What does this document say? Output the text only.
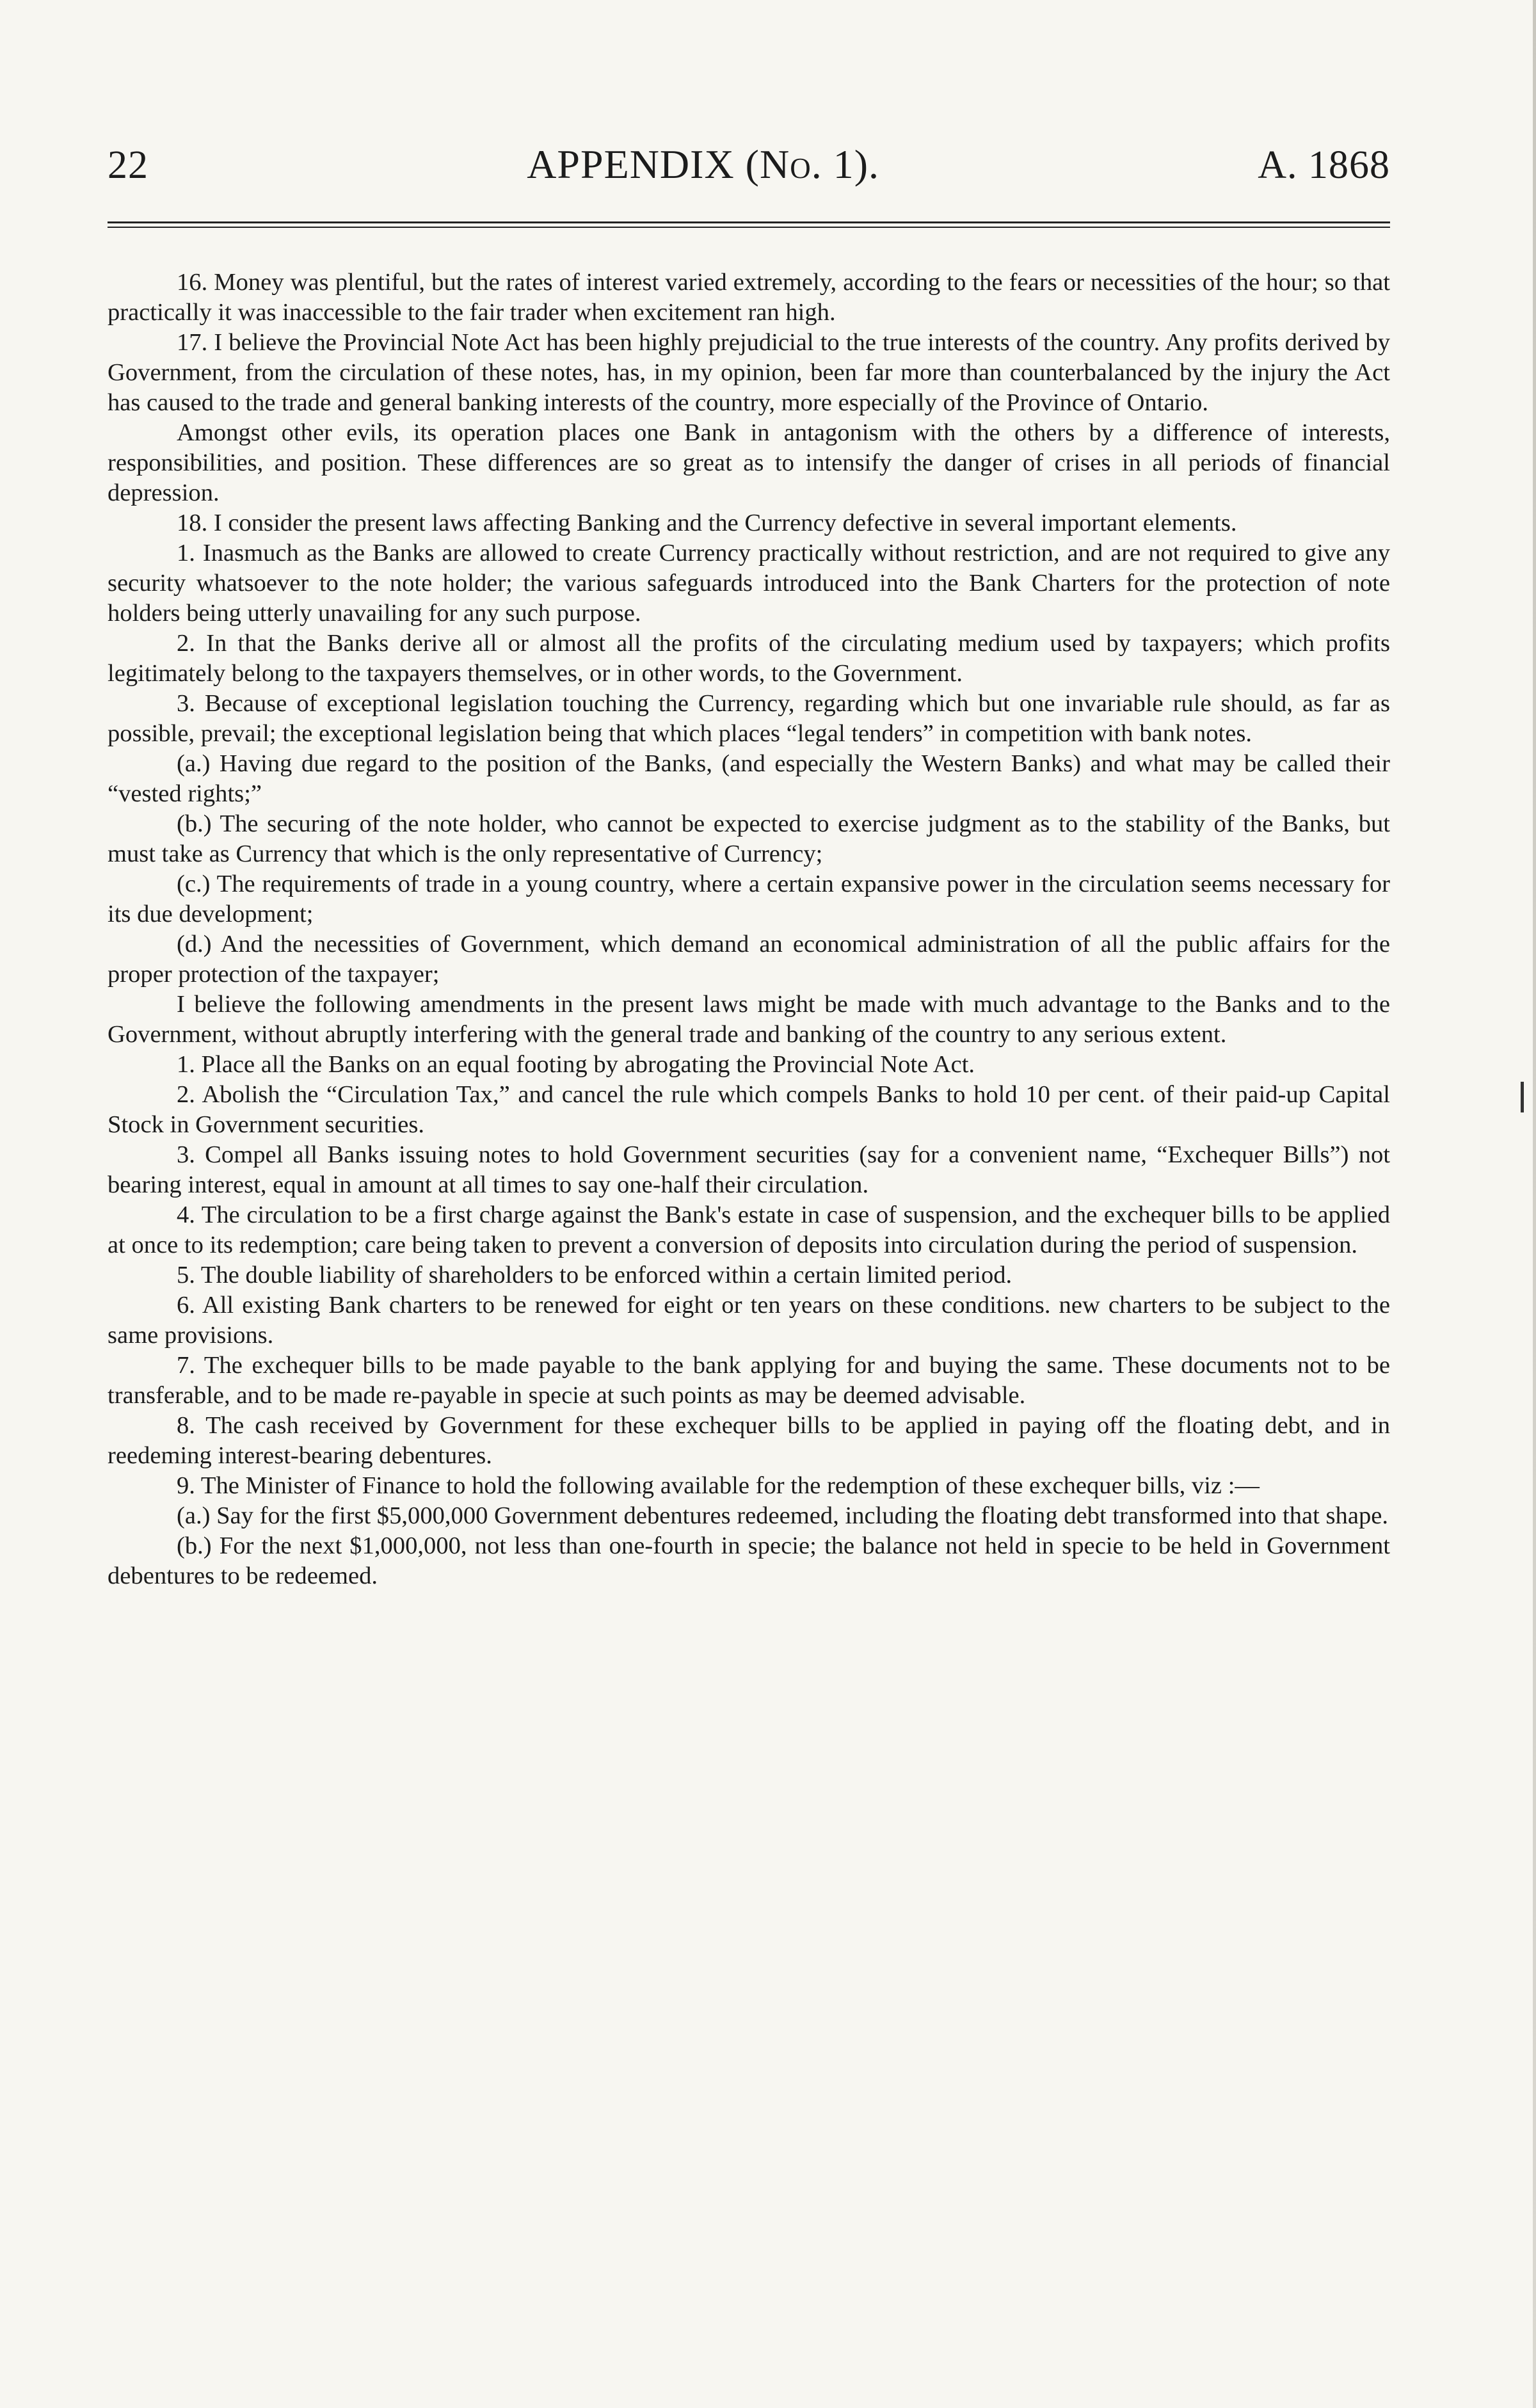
22	APPENDIX (No. 1).	A. 1868

16. Money was plentiful, but the rates of interest varied extremely, according to the fears or necessities of the hour; so that practically it was inaccessible to the fair trader when excitement ran high.

17. I believe the Provincial Note Act has been highly prejudicial to the true interests of the country. Any profits derived by Government, from the circulation of these notes, has, in my opinion, been far more than counterbalanced by the injury the Act has caused to the trade and general banking interests of the country, more especially of the Province of Ontario.

Amongst other evils, its operation places one Bank in antagonism with the others by a difference of interests, responsibilities, and position. These differences are so great as to intensify the danger of crises in all periods of financial depression.

18. I consider the present laws affecting Banking and the Currency defective in several important elements.

1. Inasmuch as the Banks are allowed to create Currency practically without restriction, and are not required to give any security whatsoever to the note holder; the various safeguards introduced into the Bank Charters for the protection of note holders being utterly unavailing for any such purpose.

2. In that the Banks derive all or almost all the profits of the circulating medium used by taxpayers; which profits legitimately belong to the taxpayers themselves, or in other words, to the Government.

3. Because of exceptional legislation touching the Currency, regarding which but one invariable rule should, as far as possible, prevail; the exceptional legislation being that which places “legal tenders” in competition with bank notes.

(a.) Having due regard to the position of the Banks, (and especially the Western Banks) and what may be called their “vested rights;”

(b.) The securing of the note holder, who cannot be expected to exercise judgment as to the stability of the Banks, but must take as Currency that which is the only representative of Currency;

(c.) The requirements of trade in a young country, where a certain expansive power in the circulation seems necessary for its due development;

(d.) And the necessities of Government, which demand an economical administration of all the public affairs for the proper protection of the taxpayer;

I believe the following amendments in the present laws might be made with much advantage to the Banks and to the Government, without abruptly interfering with the general trade and banking of the country to any serious extent.

1. Place all the Banks on an equal footing by abrogating the Provincial Note Act.

2. Abolish the “Circulation Tax,” and cancel the rule which compels Banks to hold 10 per cent. of their paid-up Capital Stock in Government securities.

3. Compel all Banks issuing notes to hold Government securities (say for a convenient name, “Exchequer Bills”) not bearing interest, equal in amount at all times to say one-half their circulation.

4. The circulation to be a first charge against the Bank's estate in case of suspension, and the exchequer bills to be applied at once to its redemption; care being taken to prevent a conversion of deposits into circulation during the period of suspension.

5. The double liability of shareholders to be enforced within a certain limited period.

6. All existing Bank charters to be renewed for eight or ten years on these conditions. new charters to be subject to the same provisions.

7. The exchequer bills to be made payable to the bank applying for and buying the same. These documents not to be transferable, and to be made re-payable in specie at such points as may be deemed advisable.

8. The cash received by Government for these exchequer bills to be applied in paying off the floating debt, and in reedeming interest-bearing debentures.

9. The Minister of Finance to hold the following available for the redemption of these exchequer bills, viz :—

(a.) Say for the first $5,000,000 Government debentures redeemed, including the floating debt transformed into that shape.

(b.) For the next $1,000,000, not less than one-fourth in specie; the balance not held in specie to be held in Government debentures to be redeemed.
